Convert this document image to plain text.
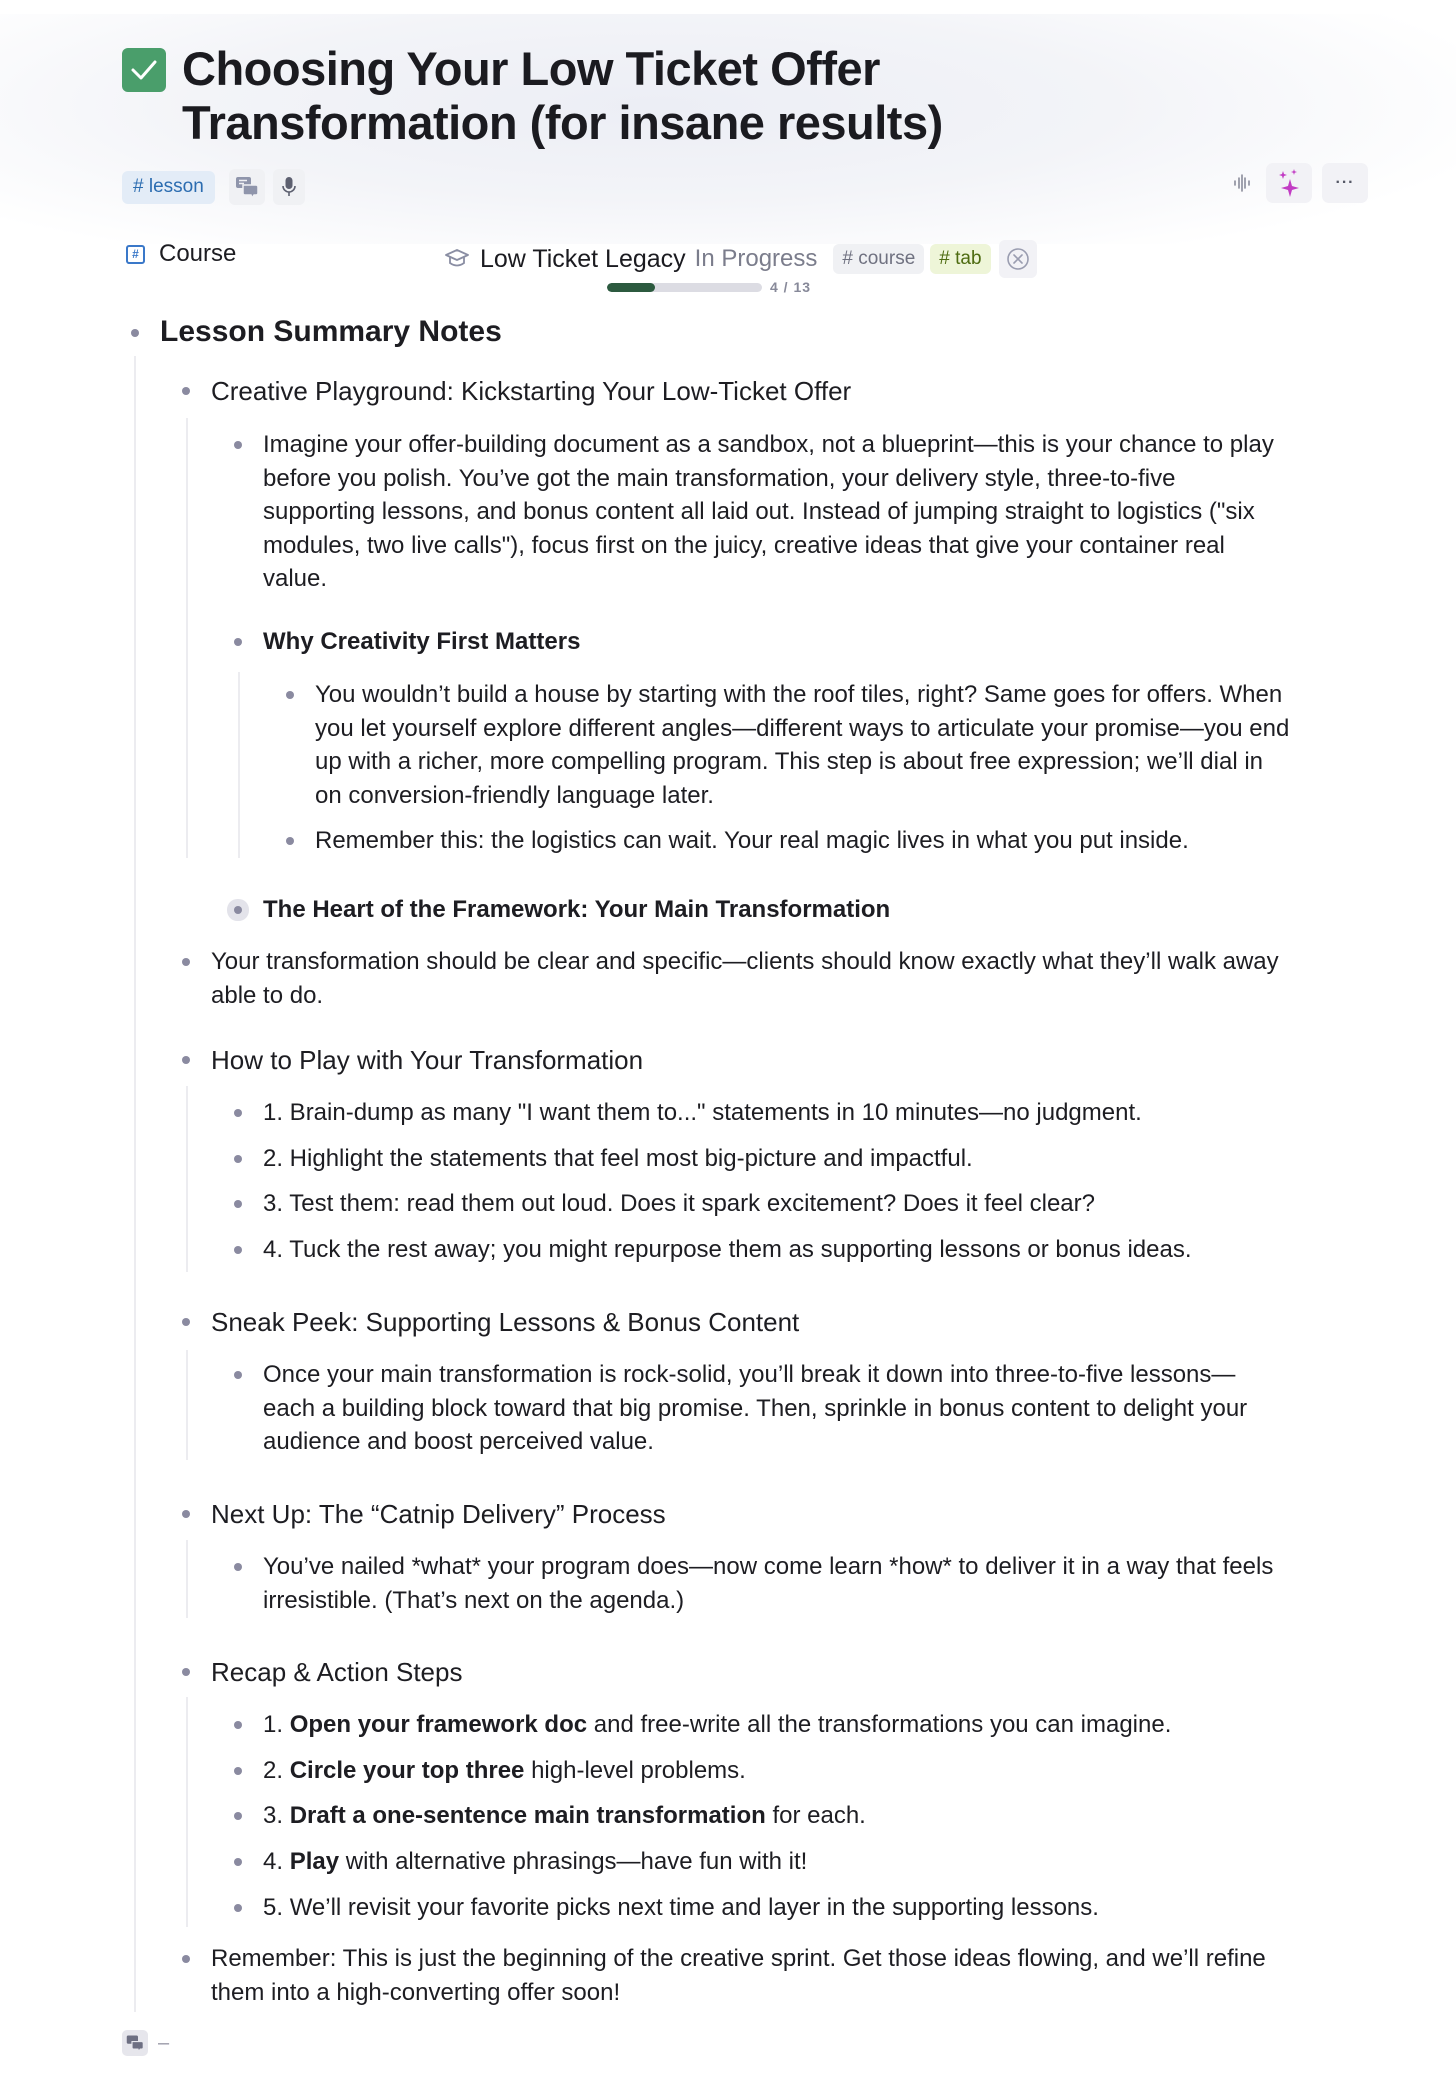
Choosing Your Low Ticket Offer Transformation (for insane results)
# lesson	···
# Course	Low Ticket Legacy In Progress	# course	# tab
4 / 13
Lesson Summary Notes
Creative Playground: Kickstarting Your Low-Ticket Offer
Imagine your offer-building document as a sandbox, not a blueprint—this is your chance to play
before you polish. You’ve got the main transformation, your delivery style, three-to-five
supporting lessons, and bonus content all laid out. Instead of jumping straight to logistics ("six
modules, two live calls"), focus first on the juicy, creative ideas that give your container real
value.
Why Creativity First Matters
You wouldn’t build a house by starting with the roof tiles, right? Same goes for offers. When
you let yourself explore different angles—different ways to articulate your promise—you end
up with a richer, more compelling program. This step is about free expression; we’ll dial in
on conversion-friendly language later.
Remember this: the logistics can wait. Your real magic lives in what you put inside.
The Heart of the Framework: Your Main Transformation
Your transformation should be clear and specific—clients should know exactly what they’ll walk away
able to do.
How to Play with Your Transformation
1. Brain-dump as many "I want them to..." statements in 10 minutes—no judgment.
2. Highlight the statements that feel most big-picture and impactful.
3. Test them: read them out loud. Does it spark excitement? Does it feel clear?
4. Tuck the rest away; you might repurpose them as supporting lessons or bonus ideas.
Sneak Peek: Supporting Lessons & Bonus Content
Once your main transformation is rock-solid, you’ll break it down into three-to-five lessons—
each a building block toward that big promise. Then, sprinkle in bonus content to delight your
audience and boost perceived value.
Next Up: The “Catnip Delivery” Process
You’ve nailed *what* your program does—now come learn *how* to deliver it in a way that feels
irresistible. (That’s next on the agenda.)
Recap & Action Steps
1. Open your framework doc and free-write all the transformations you can imagine.
2. Circle your top three high-level problems.
3. Draft a one-sentence main transformation for each.
4. Play with alternative phrasings—have fun with it!
5. We’ll revisit your favorite picks next time and layer in the supporting lessons.
Remember: This is just the beginning of the creative sprint. Get those ideas flowing, and we’ll refine
them into a high-converting offer soon!
–
